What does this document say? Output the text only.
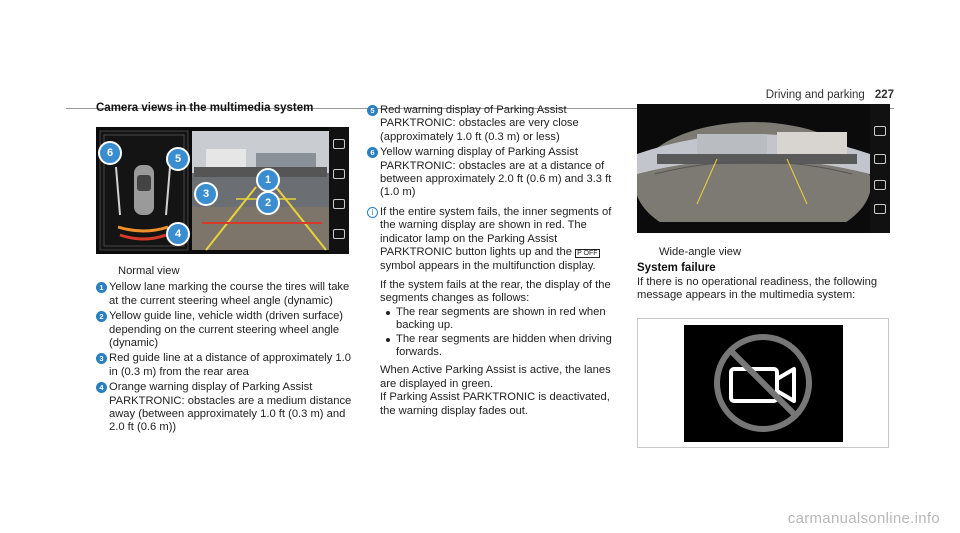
Driving and parking 227
Camera views in the multimedia system
6	5
3
1
2
4
Normal view
1 Yellow lane marking the course the tires will take at the current steering wheel angle (dynamic)
2 Yellow guide line, vehicle width (driven surface) depending on the current steering wheel angle (dynamic)
3 Red guide line at a distance of approximately 1.0 in (0.3 m) from the rear area
4 Orange warning display of Parking Assist PARKTRONIC: obstacles are a medium distance away (between approximately 1.0 ft (0.3 m) and 2.0 ft (0.6 m))
5 Red warning display of Parking Assist PARKTRONIC: obstacles are very close (approximately 1.0 ft (0.3 m) or less)
6 Yellow warning display of Parking Assist PARKTRONIC: obstacles are at a distance of between approximately 2.0 ft (0.6 m) and 3.3 ft (1.0 m)
i If the entire system fails, the inner segments of the warning display are shown in red. The indicator lamp on the Parking Assist PARKTRONIC button lights up and the P OFF symbol appears in the multifunction display.
If the system fails at the rear, the display of the segments changes as follows:
The rear segments are shown in red when backing up.
The rear segments are hidden when driving forwards.
When Active Parking Assist is active, the lanes are displayed in green.
If Parking Assist PARKTRONIC is deactivated, the warning display fades out.
Wide-angle view
System failure
If there is no operational readiness, the following message appears in the multimedia system:
carmanualsonline.info
